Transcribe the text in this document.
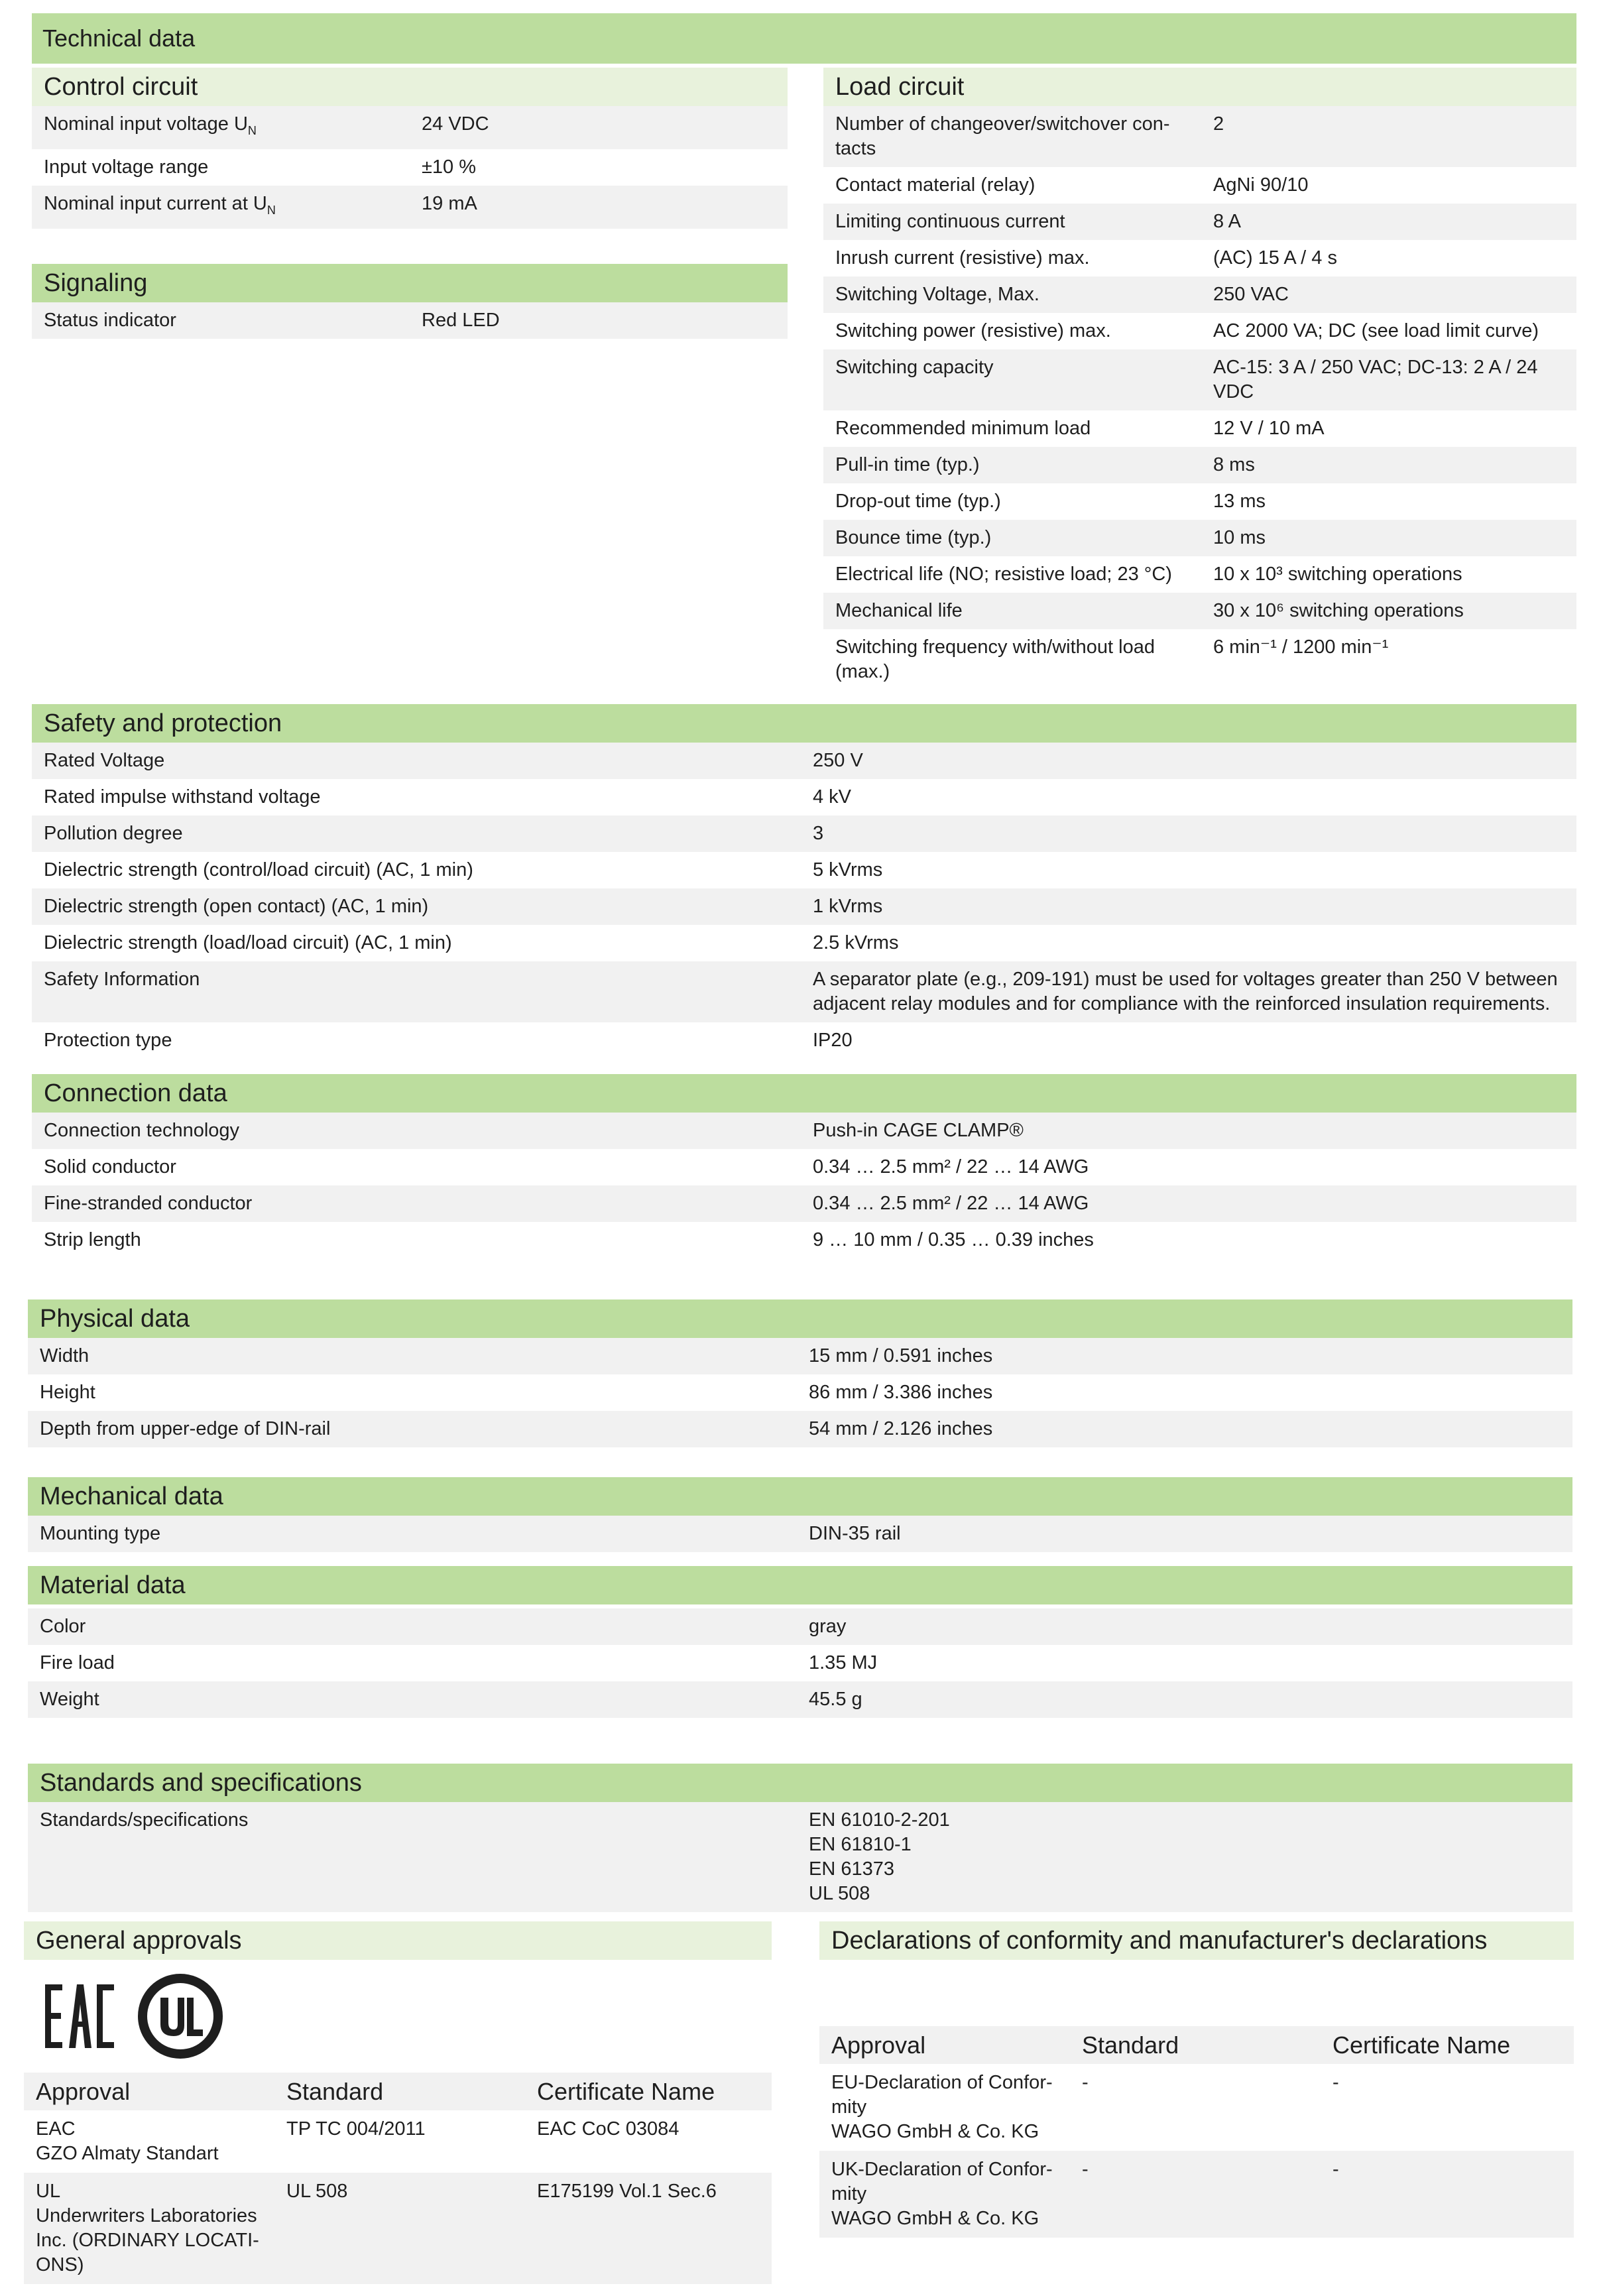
Technical data
Control circuit
Nominal input voltage $U_N$	24 VDC
Input voltage range	±10 %
Nominal input current at $U_N$	19 mA
Signaling
Status indicator	Red LED
Load circuit
Number of changeover/switchover con-
tacts	2
Contact material (relay)	AgNi 90/10
Limiting continuous current	8 A
Inrush current (resistive) max.	(AC) 15 A / 4 s
Switching Voltage, Max.	250 VAC
Switching power (resistive) max.	AC 2000 VA; DC (see load limit curve)
Switching capacity	AC-15: 3 A / 250 VAC; DC-13: 2 A / 24
VDC
Recommended minimum load	12 V / 10 mA
Pull-in time (typ.)	8 ms
Drop-out time (typ.)	13 ms
Bounce time (typ.)	10 ms
Electrical life (NO; resistive load; 23 °C)	10 x 10³ switching operations
Mechanical life	30 x 10⁶ switching operations
Switching frequency with/without load
(max.)	6 min⁻¹ / 1200 min⁻¹
Safety and protection
Rated Voltage	250 V
Rated impulse withstand voltage	4 kV
Pollution degree	3
Dielectric strength (control/load circuit) (AC, 1 min)	5 kVrms
Dielectric strength (open contact) (AC, 1 min)	1 kVrms
Dielectric strength (load/load circuit) (AC, 1 min)	2.5 kVrms
Safety Information	A separator plate (e.g., 209-191) must be used for voltages greater than 250 V between
adjacent relay modules and for compliance with the reinforced insulation requirements.
Protection type	IP20
Connection data
Connection technology	Push-in CAGE CLAMP®
Solid conductor	0.34 … 2.5 mm² / 22 … 14 AWG
Fine-stranded conductor	0.34 … 2.5 mm² / 22 … 14 AWG
Strip length	9 … 10 mm / 0.35 … 0.39 inches
Physical data
Width	15 mm / 0.591 inches
Height	86 mm / 3.386 inches
Depth from upper-edge of DIN-rail	54 mm / 2.126 inches
Mechanical data
Mounting type	DIN-35 rail
Material data
Color	gray
Fire load	1.35 MJ
Weight	45.5 g
Standards and specifications
Standards/specifications	EN 61010-2-201
EN 61810-1
EN 61373
UL 508
General approvals
Approval	Standard	Certificate Name
EAC
GZO Almaty Standart	TP TC 004/2011	EAC CoC 03084
UL
Underwriters Laboratories
Inc. (ORDINARY LOCATI-
ONS)	UL 508	E175199 Vol.1 Sec.6
Declarations of conformity and manufacturer's declarations
Approval	Standard	Certificate Name
EU-Declaration of Confor-
mity
WAGO GmbH & Co. KG	-	-
UK-Declaration of Confor-
mity
WAGO GmbH & Co. KG	-	-
